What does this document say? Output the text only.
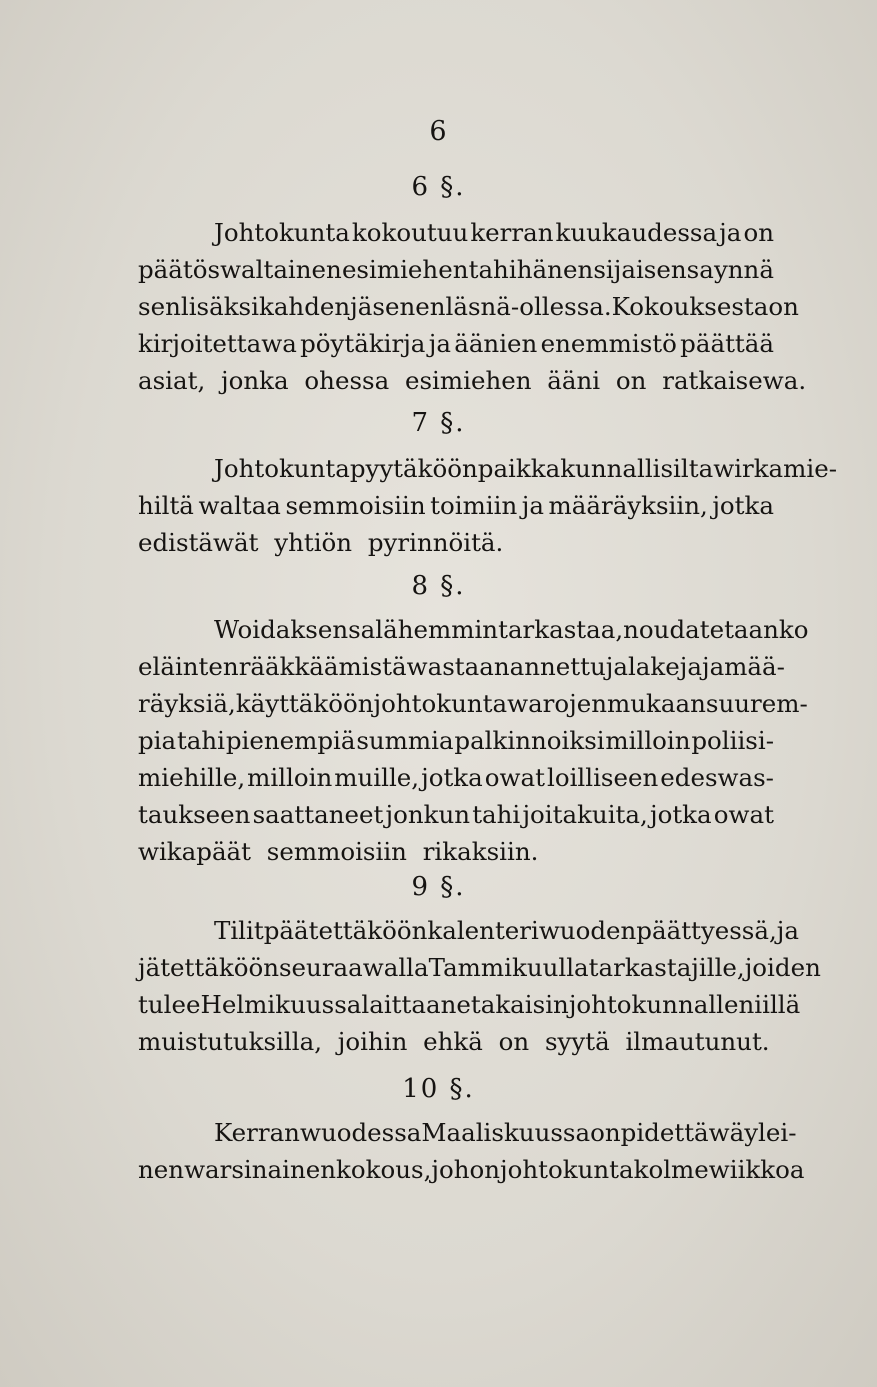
6
6 §.
Johtokunta kokoutuu kerran kuukaudessa ja on
päätöswaltainen esimiehen tahi hänen sijaisensa ynnä
sen lisäksi kahden jäsenen läsnä-ollessa. Kokouksesta on
kirjoitettawa pöytäkirja ja äänien enemmistö päättää
asiat, jonka ohessa esimiehen ääni on ratkaisewa.
7 §.
Johtokunta pyytäköön paikkakunnallisilta wirkamie-
hiltä waltaa semmoisiin toimiin ja määräyksiin, jotka
edistäwät yhtiön pyrinnöitä.
8 §.
Woidaksensa lähemmin tarkastaa, noudatetaanko
eläinten rääkkäämistä wastaan annettuja lakeja ja mää-
räyksiä, käyttäköön johtokunta warojen mukaan suurem-
pia tahi pienempiä summia palkinnoiksi milloin poliisi-
miehille, milloin muille, jotka owat loilliseen edeswas-
taukseen saattaneet jonkun tahi joitakuita, jotka owat
wikapäät semmoisiin rikaksiin.
9 §.
Tilit päätettäköön kalenteriwuoden päättyessä, ja
jätettäköön seuraawalla Tammikuulla tarkastajille, joiden
tulee Helmikuussa laittaa ne takaisin johtokunnalle niillä
muistutuksilla, joihin ehkä on syytä ilmautunut.
10 §.
Kerran wuodessa Maaliskuussa on pidettäwä ylei-
nen warsinainen kokous, johon johtokunta kolme wiikkoa
